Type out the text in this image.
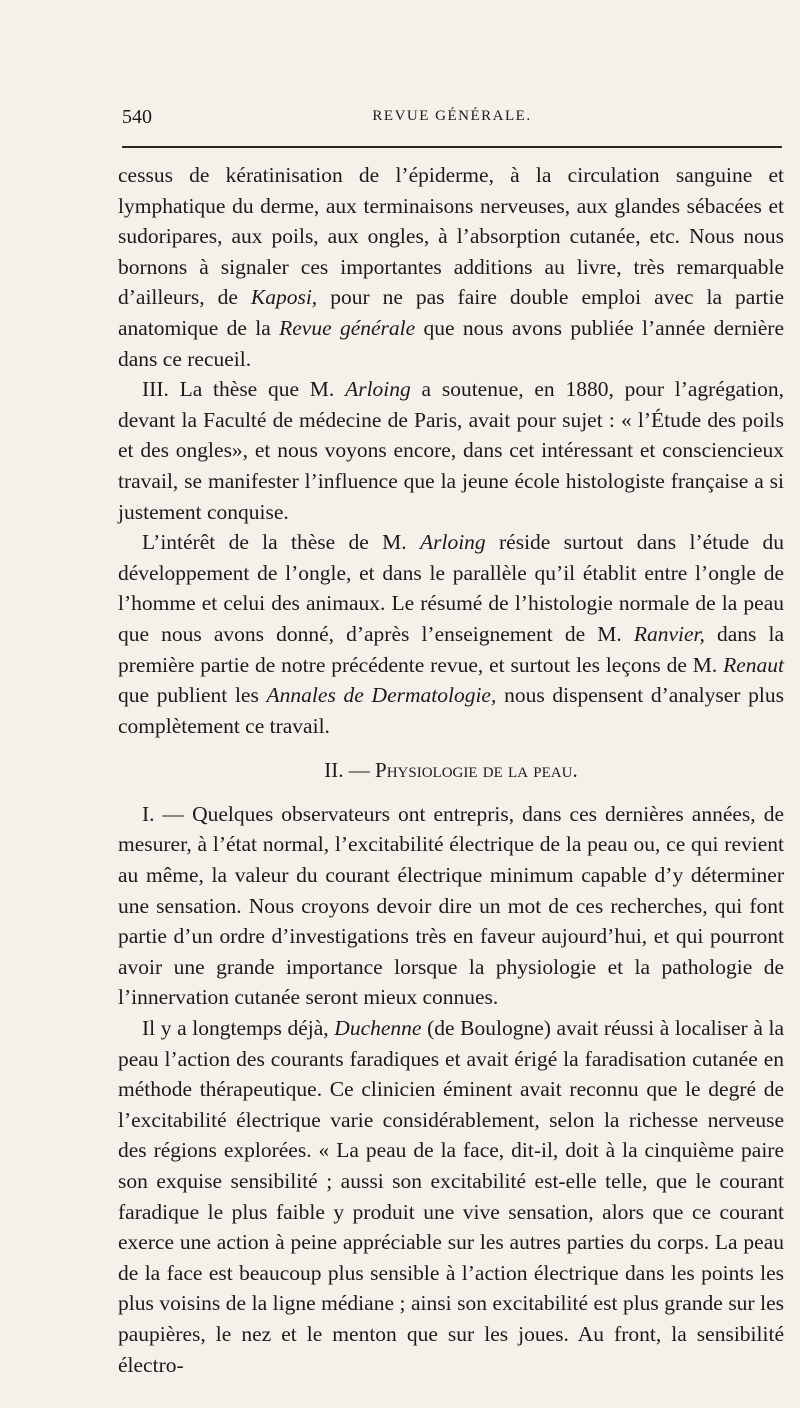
540	REVUE GÉNÉRALE.

cessus de kératinisation de l’épiderme, à la circulation sanguine et lymphatique du derme, aux terminaisons nerveuses, aux glandes sébacées et sudoripares, aux poils, aux ongles, à l’absorption cutanée, etc. Nous nous bornons à signaler ces importantes additions au livre, très remarquable d’ailleurs, de Kaposi, pour ne pas faire double emploi avec la partie anatomique de la Revue générale que nous avons publiée l’année dernière dans ce recueil.

III. La thèse que M. Arloing a soutenue, en 1880, pour l’agrégation, devant la Faculté de médecine de Paris, avait pour sujet : « l’Étude des poils et des ongles», et nous voyons encore, dans cet intéressant et consciencieux travail, se manifester l’influence que la jeune école histologiste française a si justement conquise.

L’intérêt de la thèse de M. Arloing réside surtout dans l’étude du développement de l’ongle, et dans le parallèle qu’il établit entre l’ongle de l’homme et celui des animaux. Le résumé de l’histologie normale de la peau que nous avons donné, d’après l’enseignement de M. Ranvier, dans la première partie de notre précédente revue, et surtout les leçons de M. Renaut que publient les Annales de Dermatologie, nous dispensent d’analyser plus complètement ce travail.

II. — Physiologie de la peau.

I. — Quelques observateurs ont entrepris, dans ces dernières années, de mesurer, à l’état normal, l’excitabilité électrique de la peau ou, ce qui revient au même, la valeur du courant électrique minimum capable d’y déterminer une sensation. Nous croyons devoir dire un mot de ces recherches, qui font partie d’un ordre d’investigations très en faveur aujourd’hui, et qui pourront avoir une grande importance lorsque la physiologie et la pathologie de l’innervation cutanée seront mieux connues.

Il y a longtemps déjà, Duchenne (de Boulogne) avait réussi à localiser à la peau l’action des courants faradiques et avait érigé la faradisation cutanée en méthode thérapeutique. Ce clinicien éminent avait reconnu que le degré de l’excitabilité électrique varie considérablement, selon la richesse nerveuse des régions explorées. « La peau de la face, dit-il, doit à la cinquième paire son exquise sensibilité ; aussi son excitabilité est-elle telle, que le courant faradique le plus faible y produit une vive sensation, alors que ce courant exerce une action à peine appréciable sur les autres parties du corps. La peau de la face est beaucoup plus sensible à l’action électrique dans les points les plus voisins de la ligne médiane ; ainsi son excitabilité est plus grande sur les paupières, le nez et le menton que sur les joues. Au front, la sensibilité électro-
